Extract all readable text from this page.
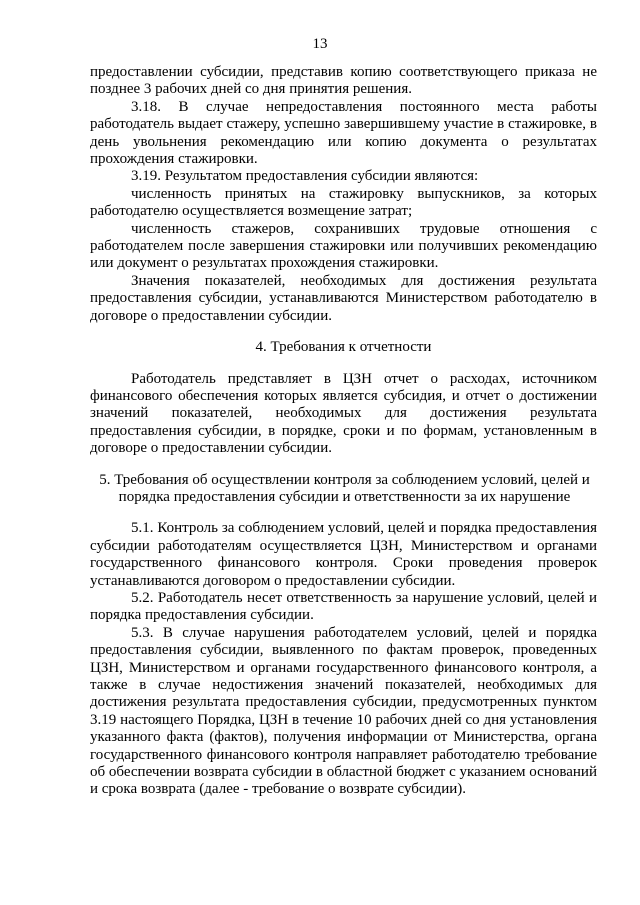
13

предоставлении субсидии, представив копию соответствующего приказа не позднее 3 рабочих дней со дня принятия решения.

3.18. В случае непредоставления постоянного места работы работодатель выдает стажеру, успешно завершившему участие в стажировке, в день увольнения рекомендацию или копию документа о результатах прохождения стажировки.

3.19. Результатом предоставления субсидии являются:

численность принятых на стажировку выпускников, за которых работодателю осуществляется возмещение затрат;

численность стажеров, сохранивших трудовые отношения с работодателем после завершения стажировки или получивших рекомендацию или документ о результатах прохождения стажировки.

Значения показателей, необходимых для достижения результата предоставления субсидии, устанавливаются Министерством работодателю в договоре о предоставлении субсидии.

4. Требования к отчетности

Работодатель представляет в ЦЗН отчет о расходах, источником финансового обеспечения которых является субсидия, и отчет о достижении значений показателей, необходимых для достижения результата предоставления субсидии, в порядке, сроки и по формам, установленным в договоре о предоставлении субсидии.

5. Требования об осуществлении контроля за соблюдением условий, целей и порядка предоставления субсидии и ответственности за их нарушение

5.1. Контроль за соблюдением условий, целей и порядка предоставления субсидии работодателям осуществляется ЦЗН, Министерством и органами государственного финансового контроля. Сроки проведения проверок устанавливаются договором о предоставлении субсидии.

5.2. Работодатель несет ответственность за нарушение условий, целей и порядка предоставления субсидии.

5.3. В случае нарушения работодателем условий, целей и порядка предоставления субсидии, выявленного по фактам проверок, проведенных ЦЗН, Министерством и органами государственного финансового контроля, а также в случае недостижения значений показателей, необходимых для достижения результата предоставления субсидии, предусмотренных пунктом 3.19 настоящего Порядка, ЦЗН в течение 10 рабочих дней со дня установления указанного факта (фактов), получения информации от Министерства, органа государственного финансового контроля направляет работодателю требование об обеспечении возврата субсидии в областной бюджет с указанием оснований и срока возврата (далее - требование о возврате субсидии).
